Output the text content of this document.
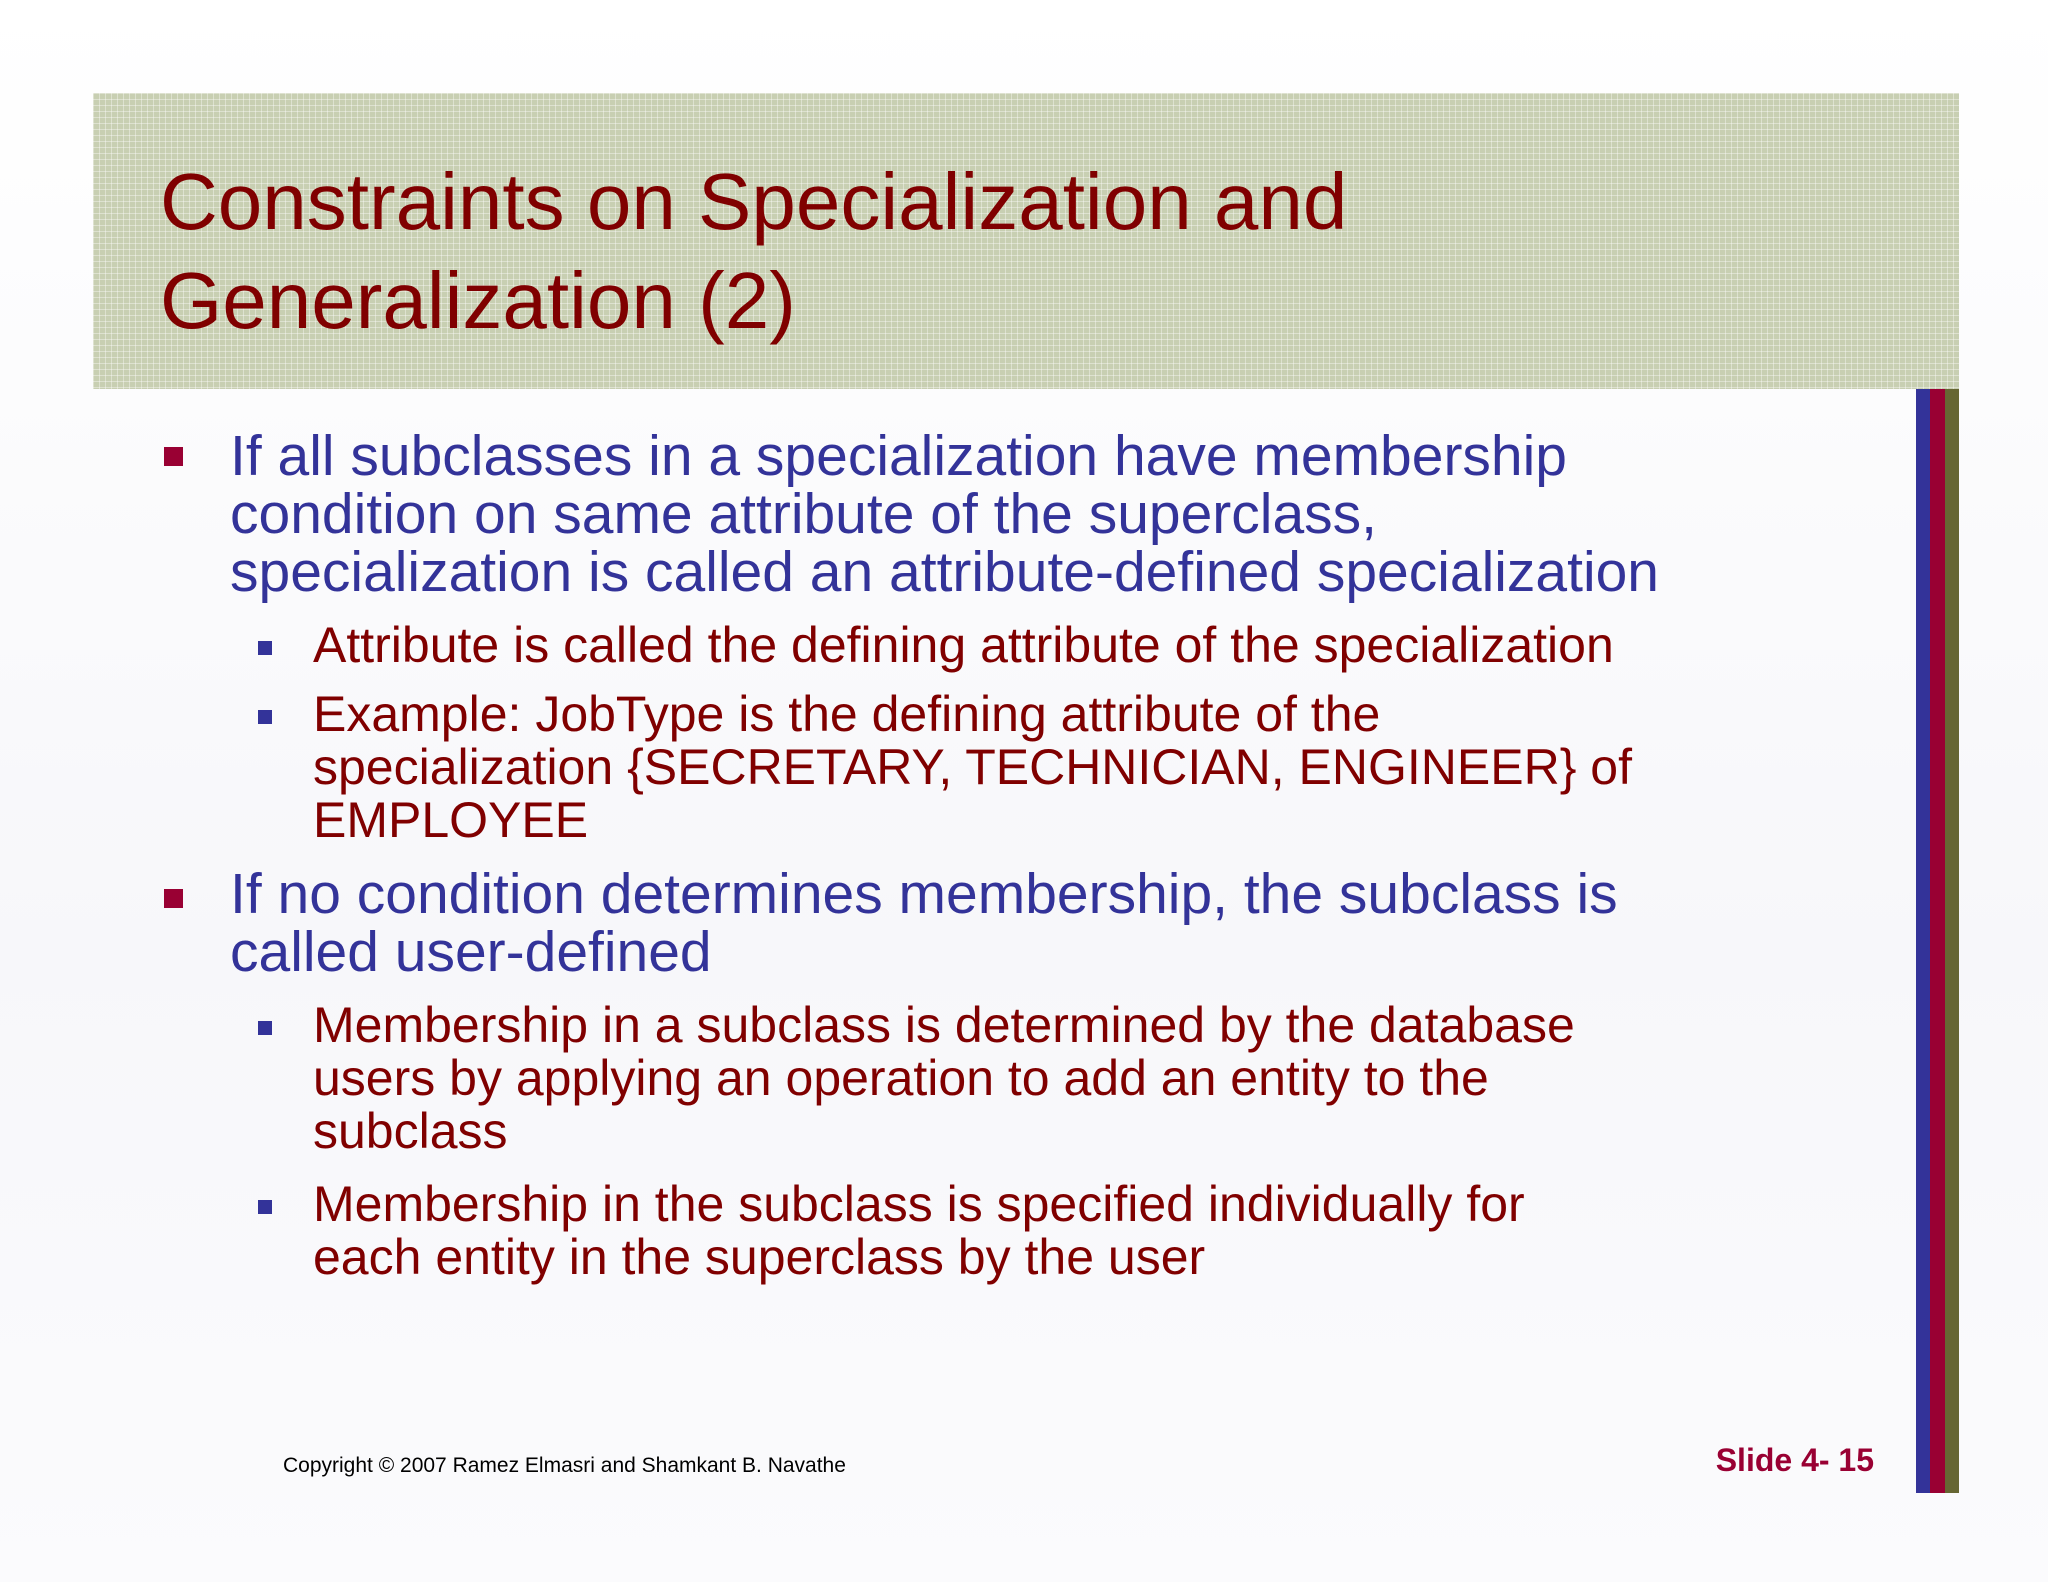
Constraints on Specialization and
Generalization (2)
If all subclasses in a specialization have membership
condition on same attribute of the superclass,
specialization is called an attribute-defined specialization
Attribute is called the defining attribute of the specialization
Example: JobType is the defining attribute of the
specialization {SECRETARY, TECHNICIAN, ENGINEER} of
EMPLOYEE
If no condition determines membership, the subclass is
called user-defined
Membership in a subclass is determined by the database
users by applying an operation to add an entity to the
subclass
Membership in the subclass is specified individually for
each entity in the superclass by the user
Copyright © 2007 Ramez Elmasri and Shamkant B. Navathe	Slide 4- 15
